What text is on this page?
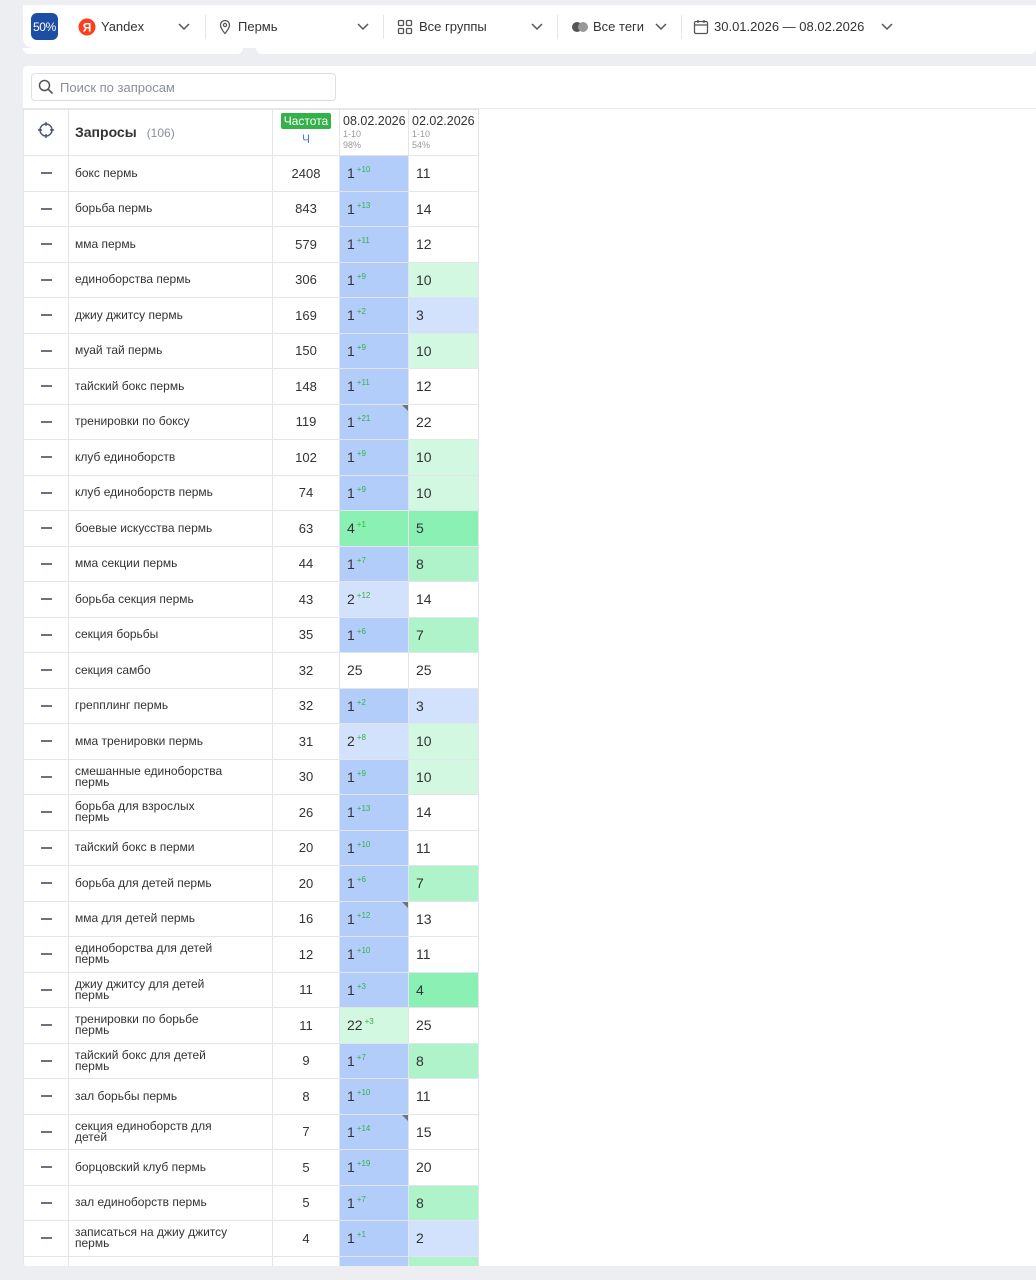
50% Я Yandex	Пермь	Все группы	Все теги	30.01.2026 — 08.02.2026
Поиск по запросам
	Запросы (106)	Частота
Ч	08.02.2026
1-10
98%	02.02.2026
1-10
54%

	бокс пермь	2408	1 $^{+10}$	11
	борьба пермь	843	1 $^{+13}$	14
	мма пермь	579	1 $^{+11}$	12
	единоборства пермь	306	1 $^{+9}$	10
	джиу джитсу пермь	169	1 $^{+2}$	3
	муай тай пермь	150	1 $^{+9}$	10
	тайский бокс пермь	148	1 $^{+11}$	12
	тренировки по боксу	119	1 $^{+21}$	22
	клуб единоборств	102	1 $^{+9}$	10
	клуб единоборств пермь	74	1 $^{+9}$	10
	боевые искусства пермь	63	4 $^{+1}$	5
	мма секции пермь	44	1 $^{+7}$	8
	борьба секция пермь	43	2 $^{+12}$	14
	секция борьбы	35	1 $^{+6}$	7
	секция самбо	32	25	25
	грепплинг пермь	32	1 $^{+2}$	3
	мма тренировки пермь	31	2 $^{+8}$	10
	смешанные единоборства пермь	30	1 $^{+9}$	10
	борьба для взрослых пермь	26	1 $^{+13}$	14
	тайский бокс в перми	20	1 $^{+10}$	11
	борьба для детей пермь	20	1 $^{+6}$	7
	мма для детей пермь	16	1 $^{+12}$	13
	единоборства для детей пермь	12	1 $^{+10}$	11
	джиу джитсу для детей пермь	11	1 $^{+3}$	4
	тренировки по борьбе пермь	11	22 $^{+3}$	25
	тайский бокс для детей пермь	9	1 $^{+7}$	8
	зал борьбы пермь	8	1 $^{+10}$	11
	секция единоборств для детей	7	1 $^{+14}$	15
	борцовский клуб пермь	5	1 $^{+19}$	20
	зал единоборств пермь	5	1 $^{+7}$	8
	записаться на джиу джитсу пермь	4	1 $^{+1}$	2
